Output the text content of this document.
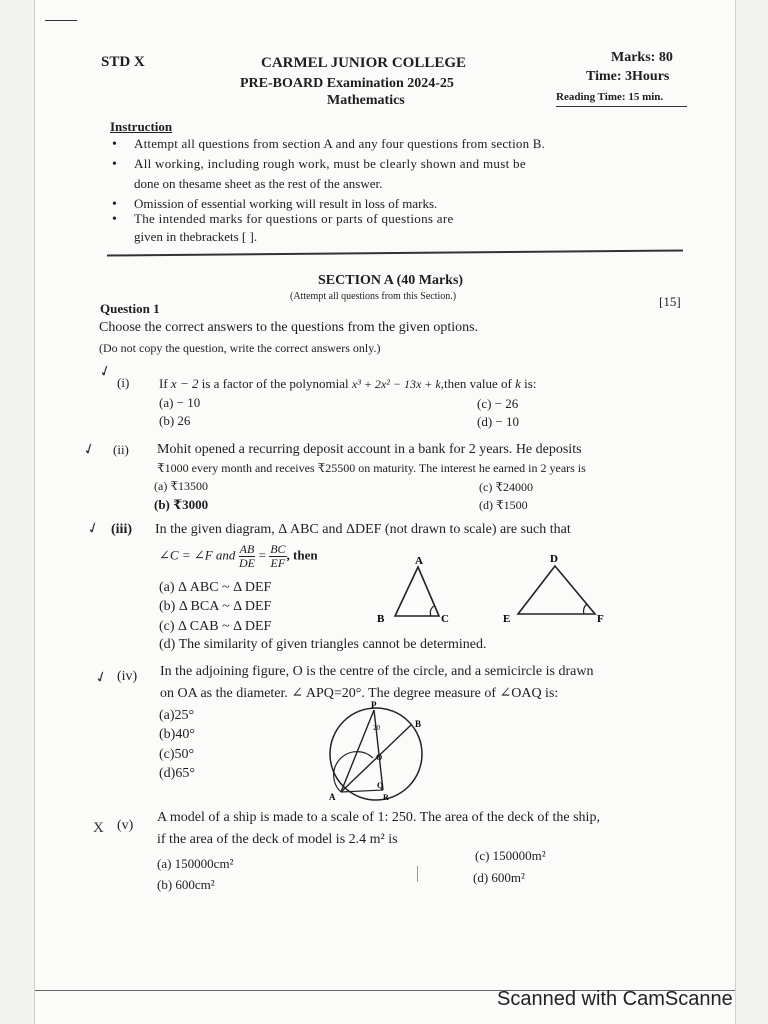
STD X	CARMEL JUNIOR COLLEGE
PRE-BOARD Examination 2024-25
Mathematics
Marks: 80
Time: 3Hours
Reading Time: 15 min.
Instruction
• Attempt all questions from section A and any four questions from section B.
• All working, including rough work, must be clearly shown and must be
done on thesame sheet as the rest of the answer.
• Omission of essential working will result in loss of marks.
• The intended marks for questions or parts of questions are
given in thebrackets [ ].
SECTION A (40 Marks)
(Attempt all questions from this Section.)
Question 1	[15]
Choose the correct answers to the questions from the given options.
(Do not copy the question, write the correct answers only.)
✓
(i) If x − 2 is a factor of the polynomial x³ + 2x² − 13x + k,then value of k is:
(a) − 10
(b) 26
(c) − 26
(d) − 10
✓ (ii) Mohit opened a recurring deposit account in a bank for 2 years. He deposits
₹1000 every month and receives ₹25500 on maturity. The interest he earned in 2 years is
(a) ₹13500
(b) ₹3000
(c) ₹24000
(d) ₹1500
✓ (iii) In the given diagram, Δ ABC and ΔDEF (not drawn to scale) are such that
∠C = ∠F and $\frac{AB}{DE} = \frac{BC}{EF}$ , then
(a) Δ ABC ~ Δ DEF
(b) Δ BCA ~ Δ DEF
(c) Δ CAB ~ Δ DEF
(d) The similarity of given triangles cannot be determined.
A
B	C
D
E	F
✓ (iv) In the adjoining figure, O is the centre of the circle, and a semicircle is drawn
on OA as the diameter. ∠ APQ=20°. The degree measure of ∠OAQ is:
(a)25°
(b)40°
(c)50°
(d)65°
P
B
A	R
Q
O
20
X (v)
A model of a ship is made to a scale of 1: 250. The area of the deck of the ship,
if the area of the deck of model is 2.4 m² is
(a) 150000cm²
(b) 600cm²
(c) 150000m²
(d) 600m²
Scanned with CamScanne
